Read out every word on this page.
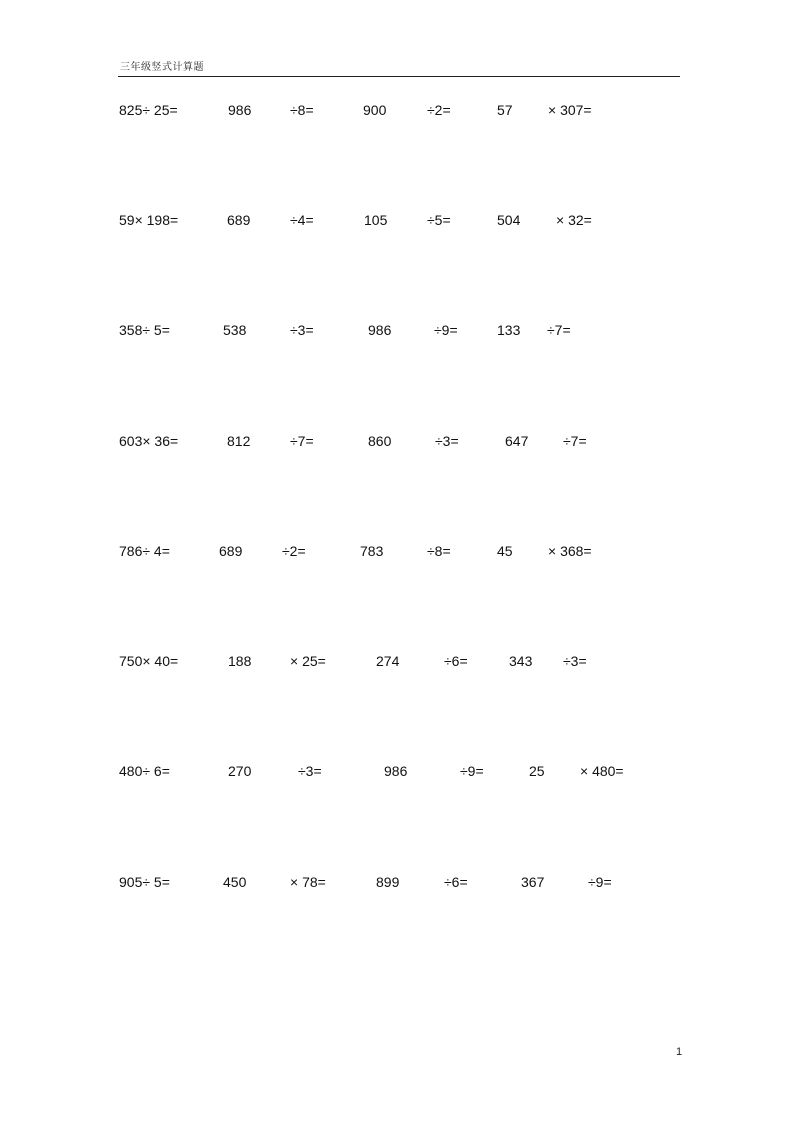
三年级竖式计算题
825÷ 25=	986	÷8=	900	÷2=	57	× 307=
59× 198=	689	÷4=	105	÷5=	504	× 32=
358÷ 5=	538	÷3=	986	÷9=	133 ÷7=
603× 36=	812	÷7=	860	÷3=	647 ÷7=
786÷ 4=	689	÷2=	783	÷8=	45	× 368=
750× 40=	188	× 25=	274	÷6=	343 ÷3=
480÷ 6=	270	÷3=	986	÷9=	25	× 480=
905÷ 5=	450	× 78=	899	÷6=	367	÷9=
1
